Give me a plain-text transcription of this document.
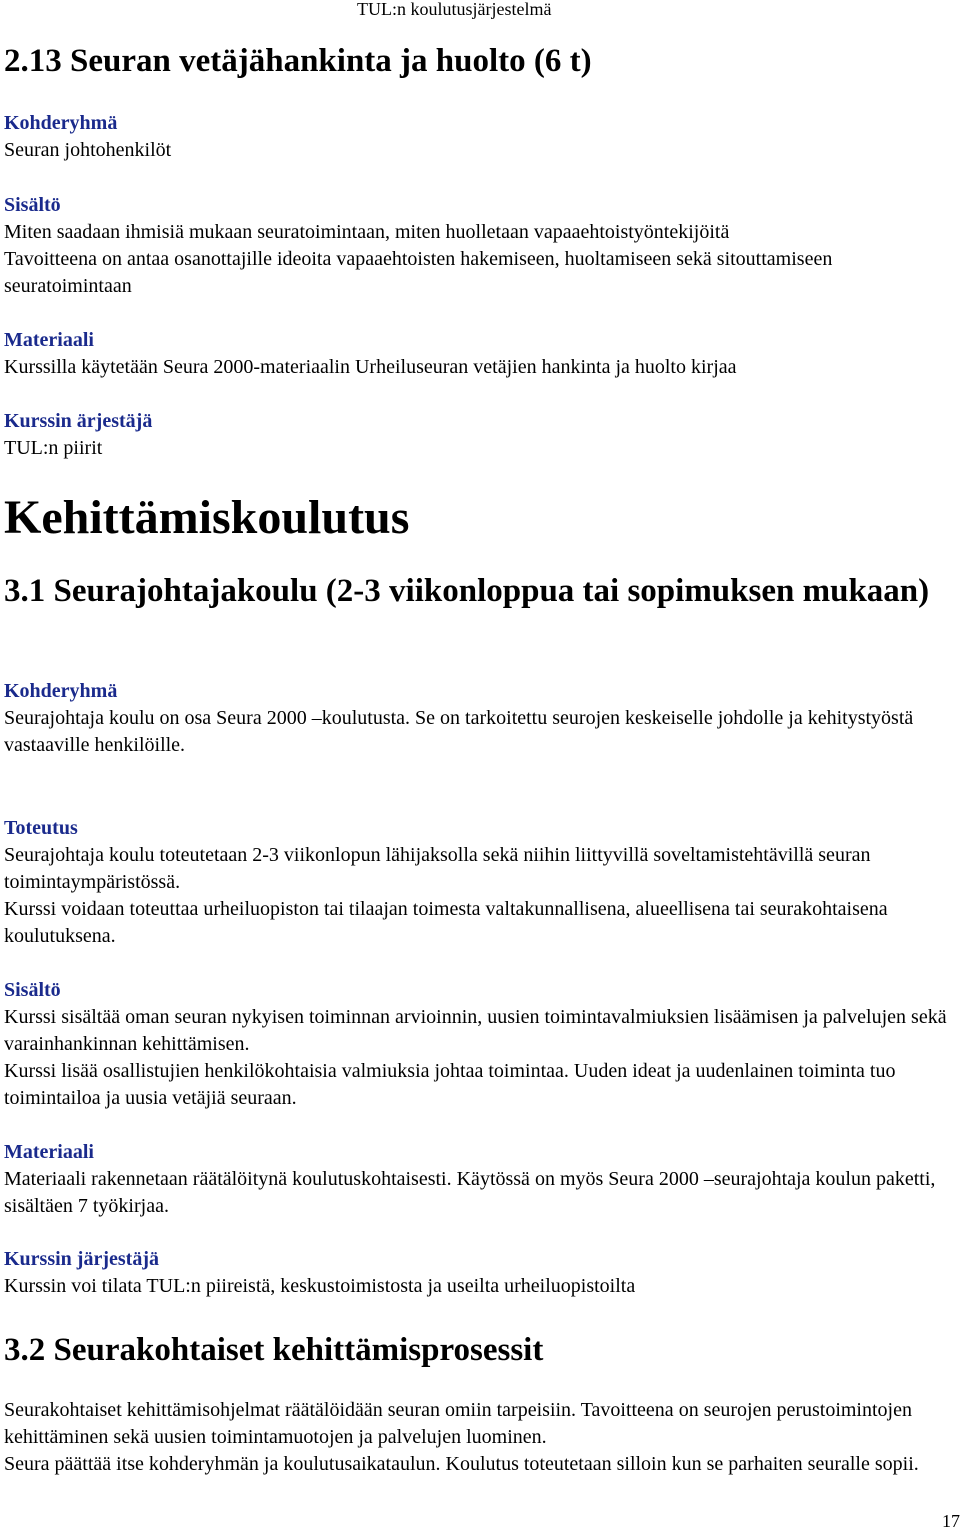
TUL:n koulutusjärjestelmä
2.13 Seuran vetäjähankinta ja huolto (6 t)
Kohderyhmä
Seuran johtohenkilöt
Sisältö
Miten saadaan ihmisiä mukaan seuratoimintaan, miten huolletaan vapaaehtoistyöntekijöitä
Tavoitteena on antaa osanottajille ideoita vapaaehtoisten hakemiseen, huoltamiseen sekä sitouttamiseen seuratoimintaan
Materiaali
Kurssilla käytetään Seura 2000-materiaalin Urheiluseuran vetäjien hankinta ja huolto kirjaa
Kurssin ärjestäjä
TUL:n piirit
Kehittämiskoulutus
3.1 Seurajohtajakoulu (2-3 viikonloppua tai sopimuksen mukaan)
Kohderyhmä
Seurajohtaja koulu on osa Seura 2000 –koulutusta. Se on tarkoitettu seurojen keskeiselle johdolle ja kehitystyöstä vastaaville henkilöille.
Toteutus
Seurajohtaja koulu toteutetaan 2-3 viikonlopun lähijaksolla sekä niihin liittyvillä soveltamistehtävillä seuran toimintaympäristössä.
Kurssi voidaan toteuttaa urheiluopiston tai tilaajan toimesta valtakunnallisena, alueellisena tai seurakohtaisena koulutuksena.
Sisältö
Kurssi sisältää oman seuran nykyisen toiminnan arvioinnin, uusien toimintavalmiuksien lisäämisen ja palvelujen sekä varainhankinnan kehittämisen.
Kurssi lisää osallistujien henkilökohtaisia valmiuksia johtaa toimintaa. Uuden ideat ja uudenlainen toiminta tuo toimintailoa ja uusia vetäjiä seuraan.
Materiaali
Materiaali rakennetaan räätälöitynä koulutuskohtaisesti. Käytössä on myös Seura 2000 –seurajohtaja koulun paketti, sisältäen 7 työkirjaa.
Kurssin järjestäjä
Kurssin voi tilata TUL:n piireistä, keskustoimistosta ja useilta urheiluopistoilta
3.2 Seurakohtaiset kehittämisprosessit
Seurakohtaiset kehittämisohjelmat räätälöidään seuran omiin tarpeisiin. Tavoitteena on seurojen perustoimintojen kehittäminen sekä uusien toimintamuotojen ja palvelujen luominen.
Seura päättää itse kohderyhmän ja koulutusaikataulun. Koulutus toteutetaan silloin kun se parhaiten seuralle sopii.
17
